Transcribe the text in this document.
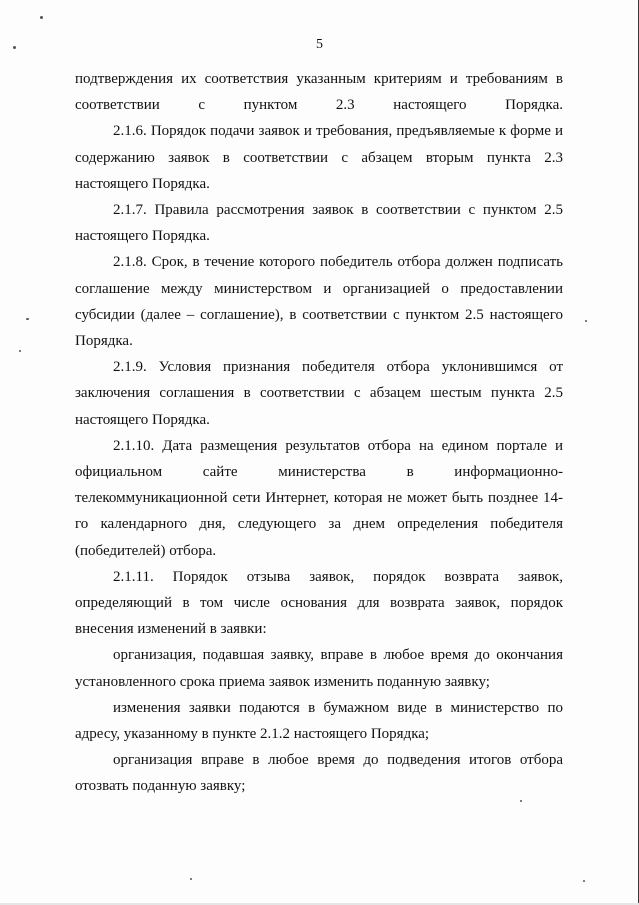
5

подтверждения их соответствия указанным критериям и требованиям в соответствии с пунктом 2.3 настоящего Порядка.

2.1.6. Порядок подачи заявок и требования, предъявляемые к форме и содержанию заявок в соответствии с абзацем вторым пункта 2.3 настоящего Порядка.

2.1.7. Правила рассмотрения заявок в соответствии с пунктом 2.5 настоящего Порядка.

2.1.8. Срок, в течение которого победитель отбора должен подписать соглашение между министерством и организацией о предоставлении субсидии (далее – соглашение), в соответствии с пунктом 2.5 настоящего Порядка.

2.1.9. Условия признания победителя отбора уклонившимся от заключения соглашения в соответствии с абзацем шестым пункта 2.5 настоящего Порядка.

2.1.10. Дата размещения результатов отбора на едином портале и официальном сайте министерства	в информационно-телекоммуникационной сети Интернет, которая не может быть позднее 14-го календарного дня, следующего за днем определения победителя (победителей) отбора.

2.1.11. Порядок отзыва заявок, порядок возврата заявок, определяющий в том числе основания для возврата заявок, порядок внесения изменений в заявки:

организация, подавшая заявку, вправе в любое время до окончания установленного срока приема заявок изменить поданную заявку;

изменения заявки подаются в бумажном виде в министерство по адресу, указанному в пункте 2.1.2 настоящего Порядка;

организация вправе в любое время до подведения итогов отбора отозвать поданную заявку;
